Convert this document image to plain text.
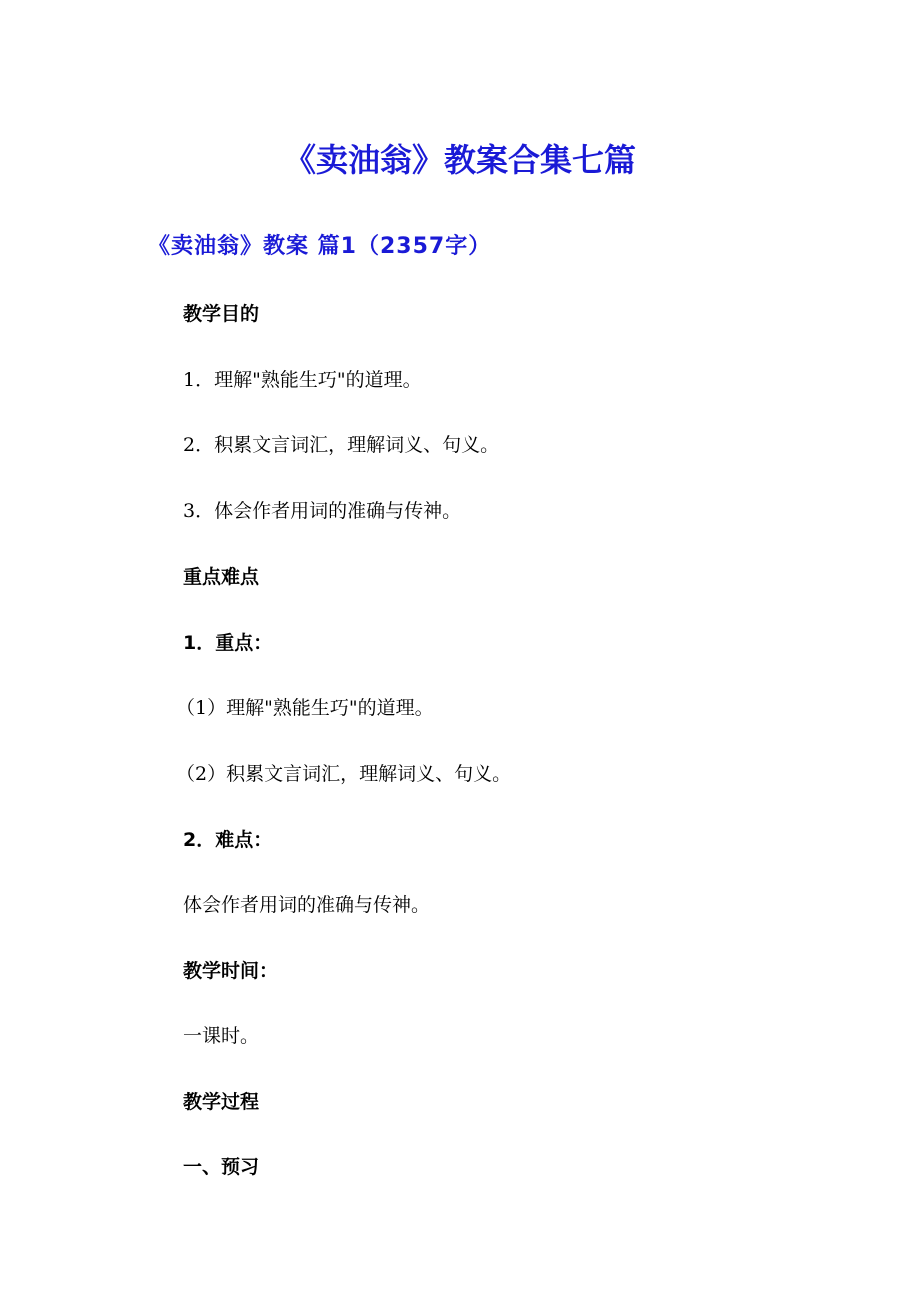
《卖油翁》教案合集七篇
《卖油翁》教案 篇1（2357字）

教学目的

1．理解"熟能生巧"的道理。

2．积累文言词汇，理解词义、句义。

3．体会作者用词的准确与传神。

重点难点

1．重点：

（1）理解"熟能生巧"的道理。

（2）积累文言词汇，理解词义、句义。

2．难点：

体会作者用词的准确与传神。

教学时间：

一课时。

教学过程

一、预习
